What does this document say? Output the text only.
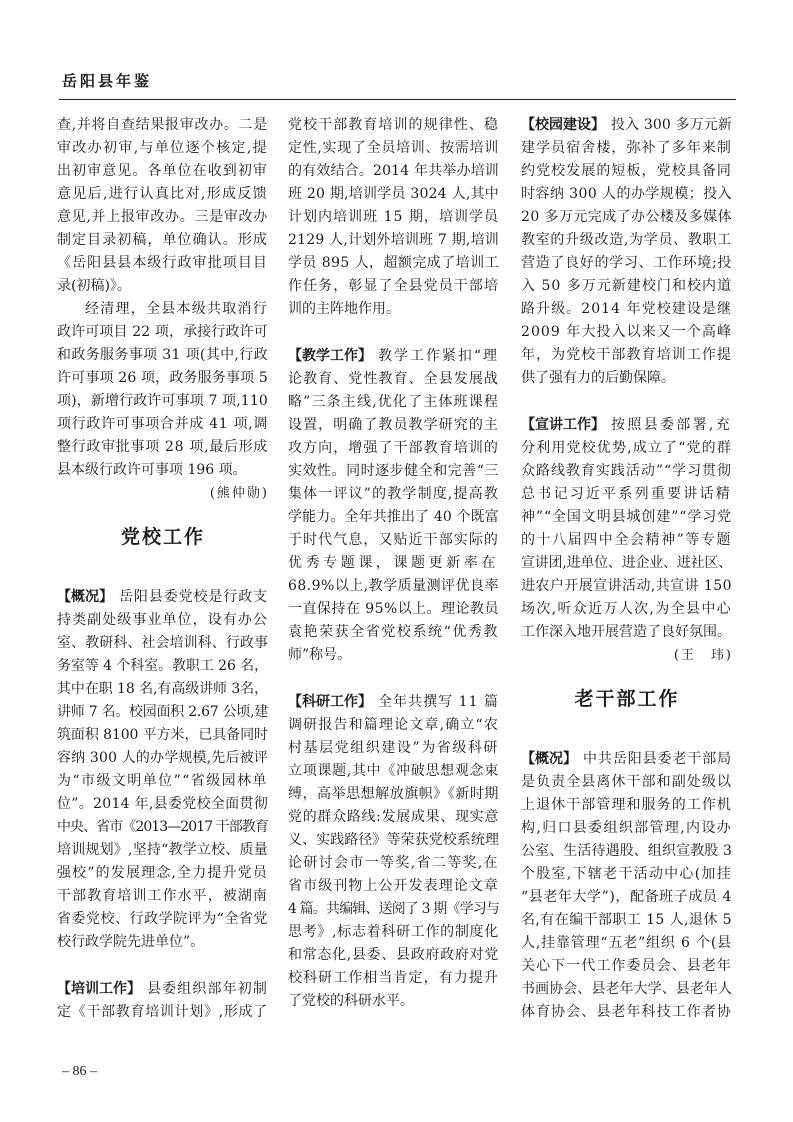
岳阳县年鉴
查,并将自查结果报审改办。二是
审改办初审,与单位逐个核定,提
出初审意见。各单位在收到初审
意见后,进行认真比对,形成反馈
意见,并上报审改办。三是审改办
制定目录初稿，单位确认。形成
《岳阳县县本级行政审批项目目
录(初稿)》。
经清理，全县本级共取消行
政许可项目 22 项，承接行政许可
和政务服务事项 31 项(其中,行政
许可事项 26 项，政务服务事项 5
项)，新增行政许可事项 7 项,110
项行政许可事项合并成 41 项,调
整行政审批事项 28 项,最后形成
县本级行政许可事项 196 项。
(熊仲勋)
党校工作
【概况】 岳阳县委党校是行政支
持类副处级事业单位，设有办公
室、教研科、社会培训科、行政事
务室等 4 个科室。教职工 26 名，
其中在职 18 名,有高级讲师 3名，
讲师 7 名。校园面积 2.67 公顷,建
筑面积 8100 平方米，已具备同时
容纳 300 人的办学规模,先后被评
为“市级文明单位”“省级园林单
位”。2014 年,县委党校全面贯彻
中央、省市《2013—2017 干部教育
培训规划》,坚持“教学立校、质量
强校”的发展理念,全力提升党员
干部教育培训工作水平，被湖南
省委党校、行政学院评为“全省党
校行政学院先进单位”。
【培训工作】 县委组织部年初制
定《干部教育培训计划》,形成了
党校干部教育培训的规律性、稳
定性,实现了全员培训、按需培训
的有效结合。2014 年共举办培训
班 20 期,培训学员 3024 人,其中
计划内培训班 15 期，培训学员
2129 人,计划外培训班 7 期,培训
学员 895 人，超额完成了培训工
作任务，彰显了全县党员干部培
训的主阵地作用。
【教学工作】 教学工作紧扣“理
论教育、党性教育、全县发展战
略”三条主线,优化了主体班课程
设置，明确了教员教学研究的主
攻方向，增强了干部教育培训的
实效性。同时逐步健全和完善“三
集体一评议”的教学制度,提高教
学能力。全年共推出了 40 个既富
于时代气息，又贴近干部实际的
优秀专题课，课题更新率在
68.9%以上,教学质量测评优良率
一直保持在 95%以上。理论教员
袁艳荣获全省党校系统“优秀教
师”称号。
【科研工作】 全年共撰写 11 篇
调研报告和篇理论文章,确立“农
村基层党组织建设”为省级科研
立项课题,其中《冲破思想观念束
缚，高举思想解放旗帜》《新时期
党的群众路线:发展成果、现实意
义、实践路径》等荣获党校系统理
论研讨会市一等奖,省二等奖,在
省市级刊物上公开发表理论文章
4 篇。共编辑、送阅了 3 期《学习与
思考》,标志着科研工作的制度化
和常态化,县委、县政府政府对党
校科研工作相当肯定，有力提升
了党校的科研水平。
【校园建设】 投入 300 多万元新
建学员宿舍楼，弥补了多年来制
约党校发展的短板，党校具备同
时容纳 300 人的办学规模；投入
20 多万元完成了办公楼及多媒体
教室的升级改造,为学员、教职工
营造了良好的学习、工作环境;投
入 50 多万元新建校门和校内道
路升级。2014 年党校建设是继
2009 年大投入以来又一个高峰
年，为党校干部教育培训工作提
供了强有力的后勤保障。
【宣讲工作】 按照县委部署,充
分利用党校优势,成立了“党的群
众路线教育实践活动”“学习贯彻
总书记习近平系列重要讲话精
神”“全国文明县城创建”“学习党
的十八届四中全会精神”等专题
宣讲团,进单位、进企业、进社区、
进农户开展宣讲活动,共宣讲 150
场次,听众近万人次,为全县中心
工作深入地开展营造了良好氛围。
(王　玮)
老干部工作
【概况】 中共岳阳县委老干部局
是负责全县离休干部和副处级以
上退休干部管理和服务的工作机
构,归口县委组织部管理,内设办
公室、生活待遇股、组织宣教股 3
个股室,下辖老干活动中心(加挂
“县老年大学”)，配备班子成员 4
名,有在编干部职工 15 人,退休 5
人,挂靠管理“五老”组织 6 个(县
关心下一代工作委员会、县老年
书画协会、县老年大学、县老年人
体育协会、县老年科技工作者协
– 86 –
